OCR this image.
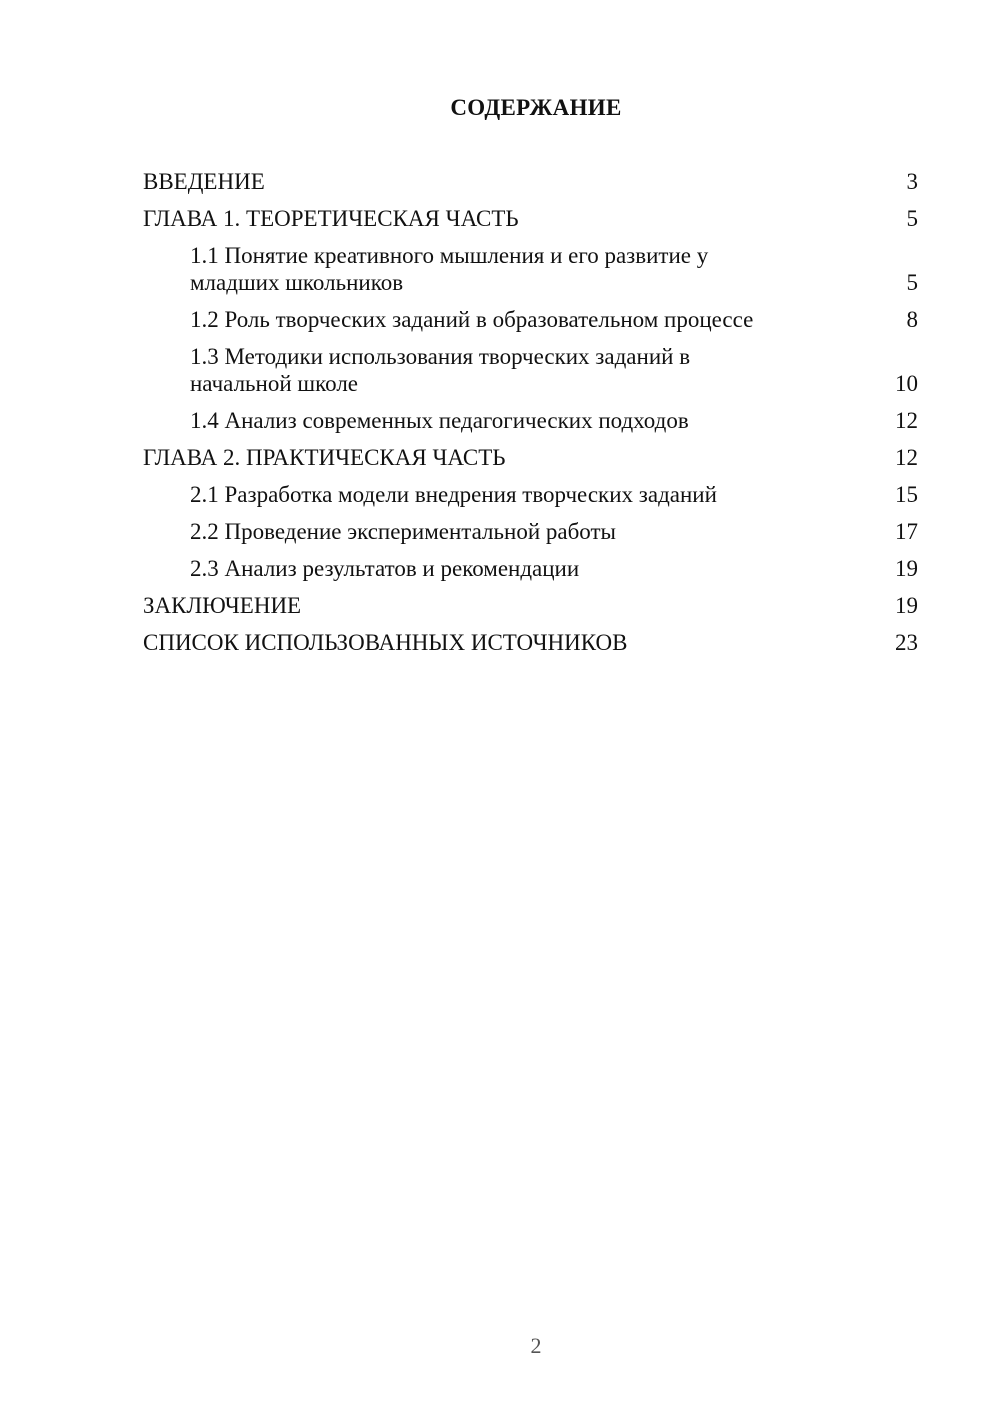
СОДЕРЖАНИЕ
ВВЕДЕНИЕ	3
ГЛАВА 1. ТЕОРЕТИЧЕСКАЯ ЧАСТЬ	5
1.1 Понятие креативного мышления и его развитие у младших школьников	5
1.2 Роль творческих заданий в образовательном процессе	8
1.3 Методики использования творческих заданий в начальной школе	10
1.4 Анализ современных педагогических подходов	12
ГЛАВА 2. ПРАКТИЧЕСКАЯ ЧАСТЬ	12
2.1 Разработка модели внедрения творческих заданий	15
2.2 Проведение экспериментальной работы	17
2.3 Анализ результатов и рекомендации	19
ЗАКЛЮЧЕНИЕ	19
СПИСОК ИСПОЛЬЗОВАННЫХ ИСТОЧНИКОВ	23
2
